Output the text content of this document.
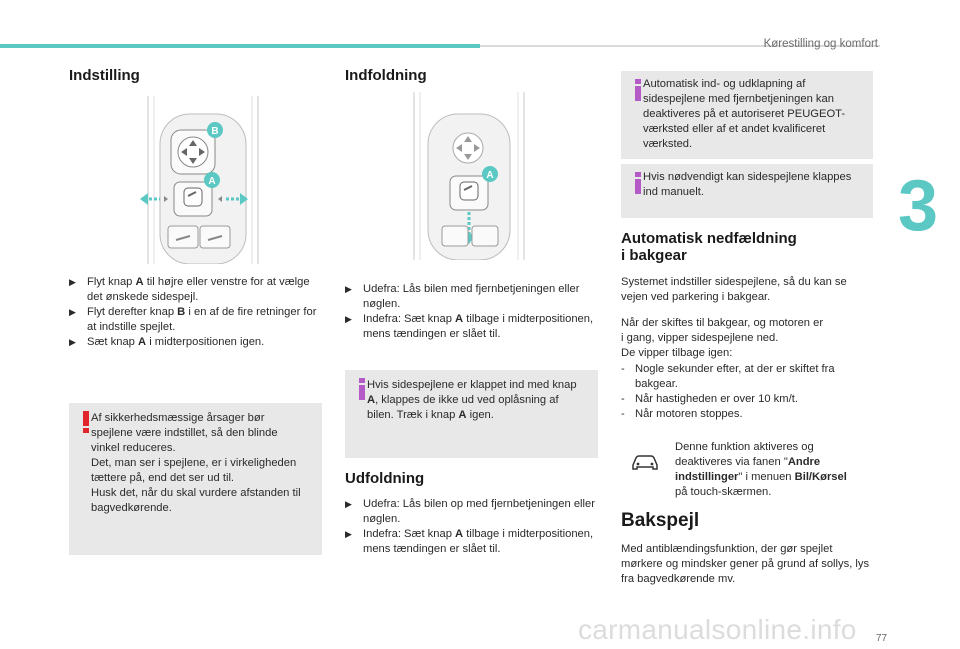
Kørestilling og komfort
3
77
carmanualsonline.info
Indstilling
B
A
▶ Flyt knap A til højre eller venstre for at vælge det ønskede sidespejl.
▶ Flyt derefter knap B i en af de fire retninger for at indstille spejlet.
▶ Sæt knap A i midterpositionen igen.
Af sikkerhedsmæssige årsager bør
spejlene være indstillet, så den blinde
vinkel reduceres.
Det, man ser i spejlene, er i virkeligheden
tættere på, end det ser ud til.
Husk det, når du skal vurdere afstanden til
bagvedkørende.
Indfoldning
A
▶ Udefra: Lås bilen med fjernbetjeningen eller nøglen.
▶ Indefra: Sæt knap A tilbage i midterpositionen, mens tændingen er slået til.
Hvis sidespejlene er klappet ind med knap
A, klappes de ikke ud ved oplåsning af
bilen. Træk i knap A igen.
Udfoldning
▶ Udefra: Lås bilen op med fjernbetjeningen eller nøglen.
▶ Indefra: Sæt knap A tilbage i midterpositionen, mens tændingen er slået til.
Automatisk ind- og udklapning af
sidespejlene med fjernbetjeningen kan
deaktiveres på et autoriseret PEUGEOT-
værksted eller af et andet kvalificeret
værksted.
Hvis nødvendigt kan sidespejlene klappes
ind manuelt.
Automatisk nedfældning
i bakgear

Systemet indstiller sidespejlene, så du kan se vejen ved parkering i bakgear.

Når der skiftes til bakgear, og motoren er
i gang, vipper sidespejlene ned.
De vipper tilbage igen:

- Nogle sekunder efter, at der er skiftet fra bakgear.
- Når hastigheden er over 10 km/t.
- Når motoren stoppes.

Denne funktion aktiveres og
deaktiveres via fanen "Andre
indstillinger" i menuen Bil/Kørsel
på touch-skærmen.

Bakspejl

Med antiblændingsfunktion, der gør spejlet mørkere og mindsker gener på grund af sollys, lys fra bagvedkørende mv.
